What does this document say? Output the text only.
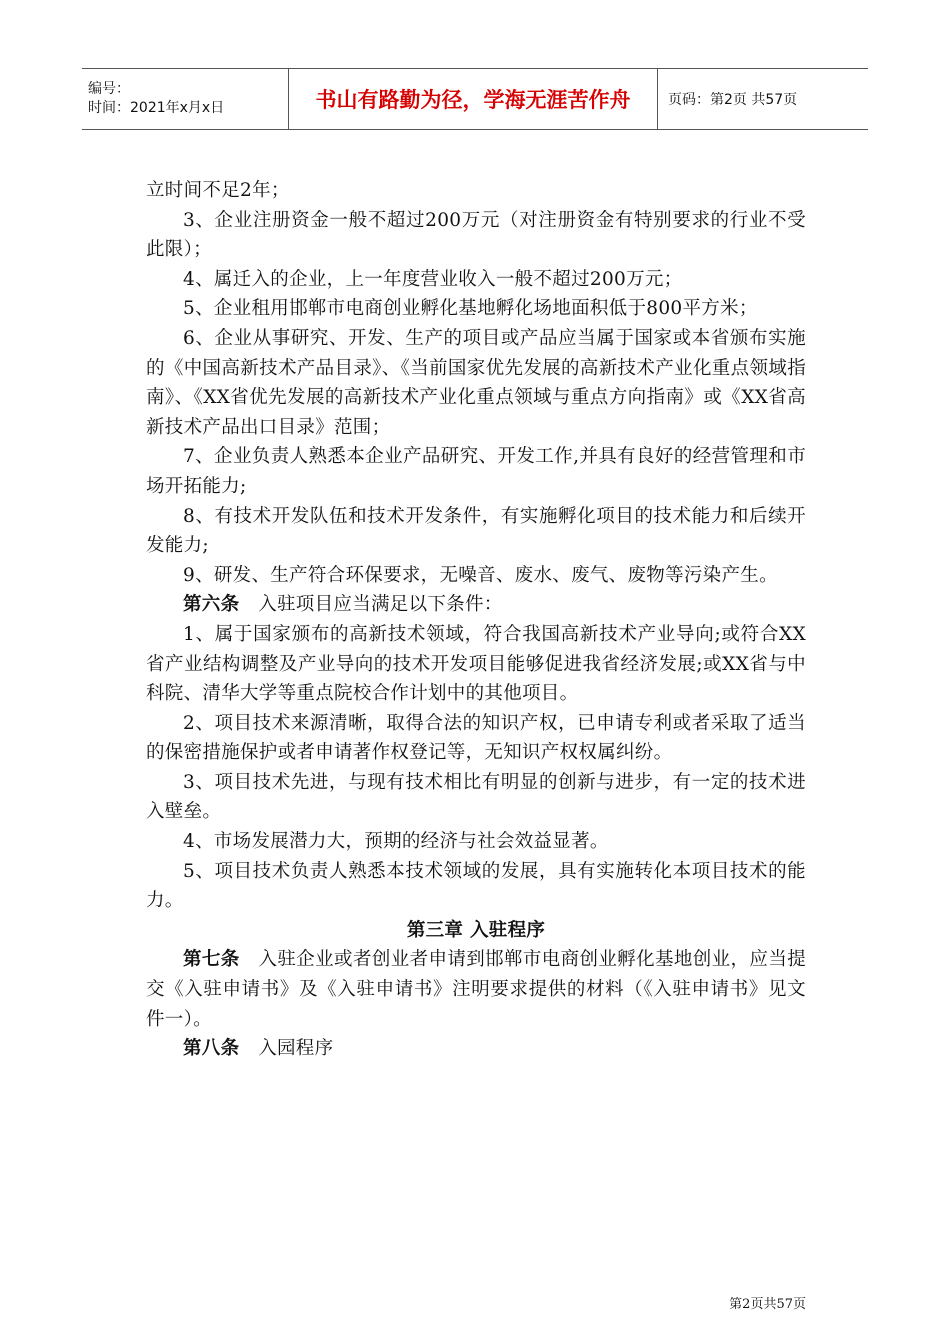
编号：
时间：2021年x月x日	书山有路勤为径，学海无涯苦作舟	页码：第2页 共57页

立时间不足2年；

3、企业注册资金一般不超过200万元（对注册资金有特别要求的行业不受此限）；

4、属迁入的企业，上一年度营业收入一般不超过200万元；

5、企业租用邯郸市电商创业孵化基地孵化场地面积低于800平方米；

6、企业从事研究、开发、生产的项目或产品应当属于国家或本省颁布实施的《中国高新技术产品目录》、《当前国家优先发展的高新技术产业化重点领域指南》、《XX省优先发展的高新技术产业化重点领域与重点方向指南》或《XX省高新技术产品出口目录》范围；

7、企业负责人熟悉本企业产品研究、开发工作,并具有良好的经营管理和市场开拓能力;

8、有技术开发队伍和技术开发条件，有实施孵化项目的技术能力和后续开发能力;

9、研发、生产符合环保要求，无噪音、废水、废气、废物等污染产生。

第六条　入驻项目应当满足以下条件：

1、属于国家颁布的高新技术领域，符合我国高新技术产业导向;或符合XX省产业结构调整及产业导向的技术开发项目能够促进我省经济发展;或XX省与中科院、清华大学等重点院校合作计划中的其他项目。

2、项目技术来源清晰，取得合法的知识产权，已申请专利或者采取了适当的保密措施保护或者申请著作权登记等，无知识产权权属纠纷。

3、项目技术先进，与现有技术相比有明显的创新与进步，有一定的技术进入壁垒。

4、市场发展潜力大，预期的经济与社会效益显著。

5、项目技术负责人熟悉本技术领域的发展，具有实施转化本项目技术的能力。

第三章 入驻程序

第七条　入驻企业或者创业者申请到邯郸市电商创业孵化基地创业，应当提交《入驻申请书》及《入驻申请书》注明要求提供的材料（《入驻申请书》见文件一）。

第八条　入园程序

第2页共57页
